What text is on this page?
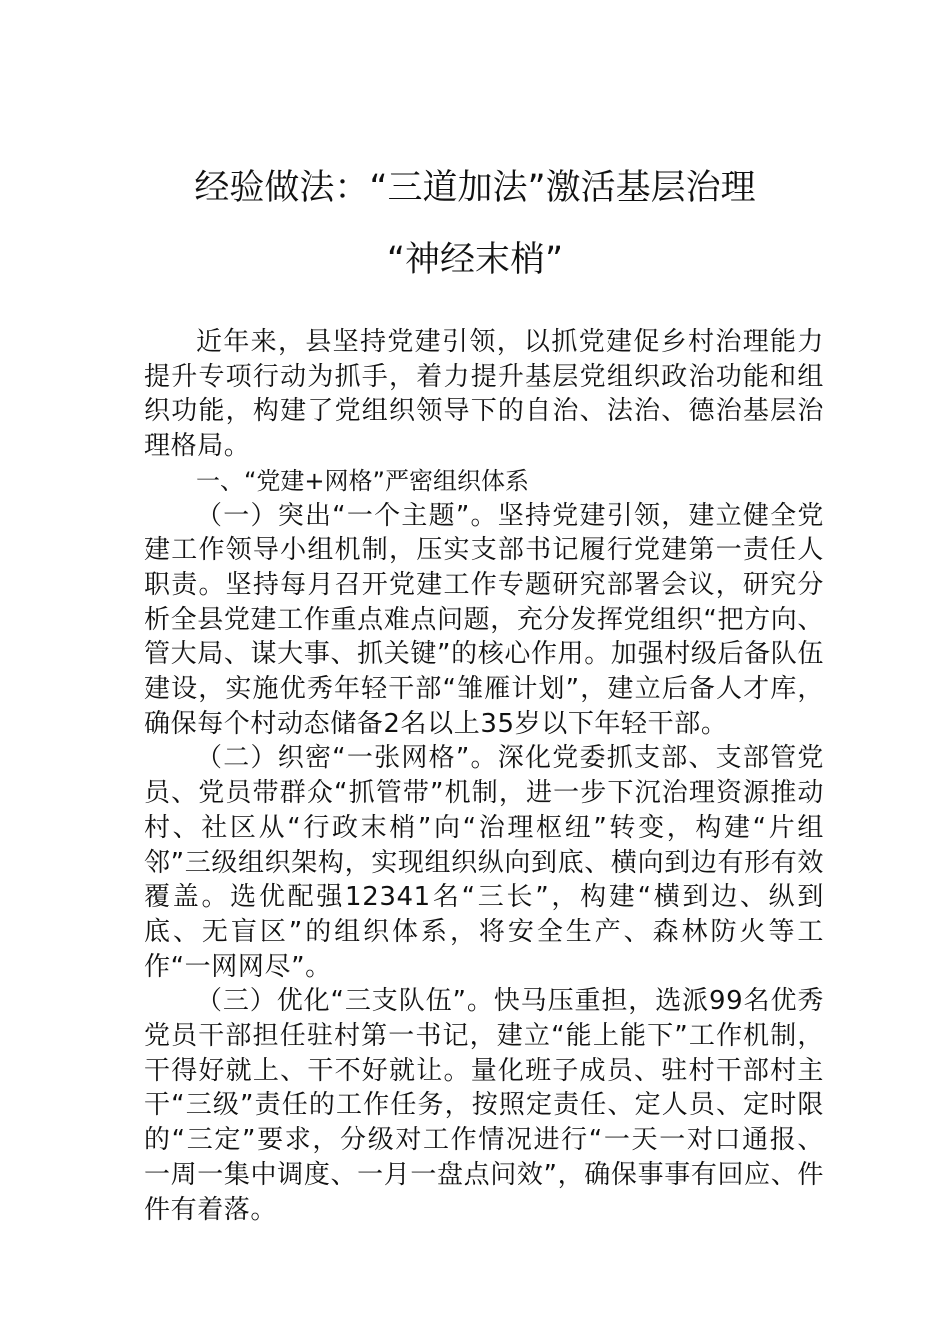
经验做法：“三道加法”激活基层治理
“神经末梢”

近年来，县坚持党建引领，以抓党建促乡村治理能力提升专项行动为抓手，着力提升基层党组织政治功能和组织功能，构建了党组织领导下的自治、法治、德治基层治理格局。

一、“党建+网格”严密组织体系

（一）突出“一个主题”。坚持党建引领，建立健全党建工作领导小组机制，压实支部书记履行党建第一责任人职责。坚持每月召开党建工作专题研究部署会议，研究分析全县党建工作重点难点问题，充分发挥党组织“把方向、管大局、谋大事、抓关键”的核心作用。加强村级后备队伍建设，实施优秀年轻干部“雏雁计划”，建立后备人才库，确保每个村动态储备2名以上35岁以下年轻干部。

（二）织密“一张网格”。深化党委抓支部、支部管党员、党员带群众“抓管带”机制，进一步下沉治理资源推动村、社区从“行政末梢”向“治理枢纽”转变，构建“片组邻”三级组织架构，实现组织纵向到底、横向到边有形有效覆盖。选优配强12341名“三长”，构建“横到边、纵到底、无盲区”的组织体系，将安全生产、森林防火等工作“一网网尽”。

（三）优化“三支队伍”。快马压重担，选派99名优秀党员干部担任驻村第一书记，建立“能上能下”工作机制，干得好就上、干不好就让。量化班子成员、驻村干部村主干“三级”责任的工作任务，按照定责任、定人员、定时限的“三定”要求，分级对工作情况进行“一天一对口通报、一周一集中调度、一月一盘点问效”，确保事事有回应、件件有着落。
